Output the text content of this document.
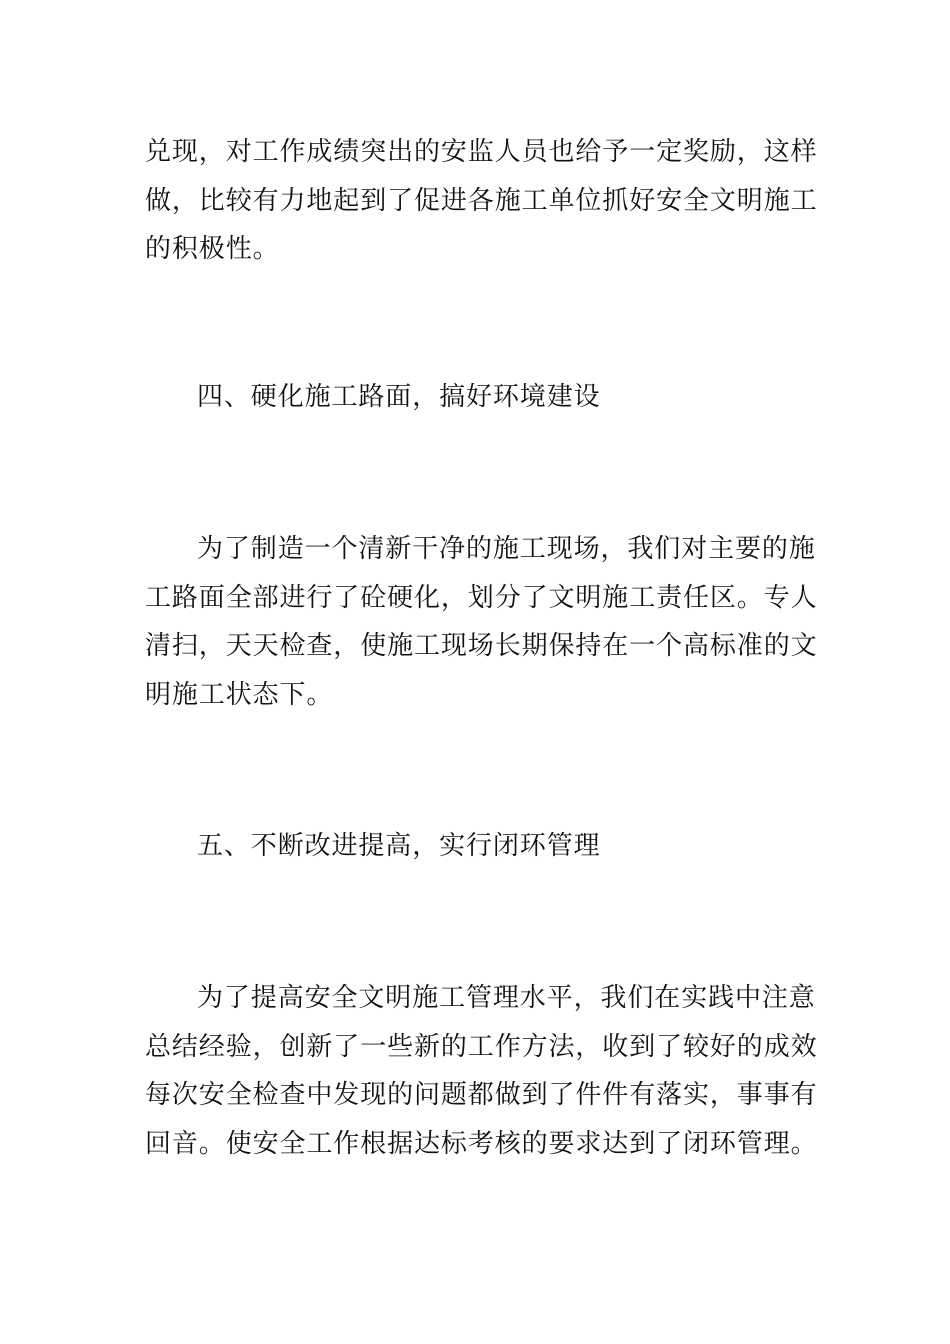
兑现，对工作成绩突出的安监人员也给予一定奖励，这样
做，比较有力地起到了促进各施工单位抓好安全文明施工
的积极性。

四、硬化施工路面，搞好环境建设

为了制造一个清新干净的施工现场，我们对主要的施
工路面全部进行了砼硬化，划分了文明施工责任区。专人
清扫，天天检查，使施工现场长期保持在一个高标准的文
明施工状态下。

五、不断改进提高，实行闭环管理

为了提高安全文明施工管理水平，我们在实践中注意
总结经验，创新了一些新的工作方法，收到了较好的成效
每次安全检查中发现的问题都做到了件件有落实，事事有
回音。使安全工作根据达标考核的要求达到了闭环管理。
